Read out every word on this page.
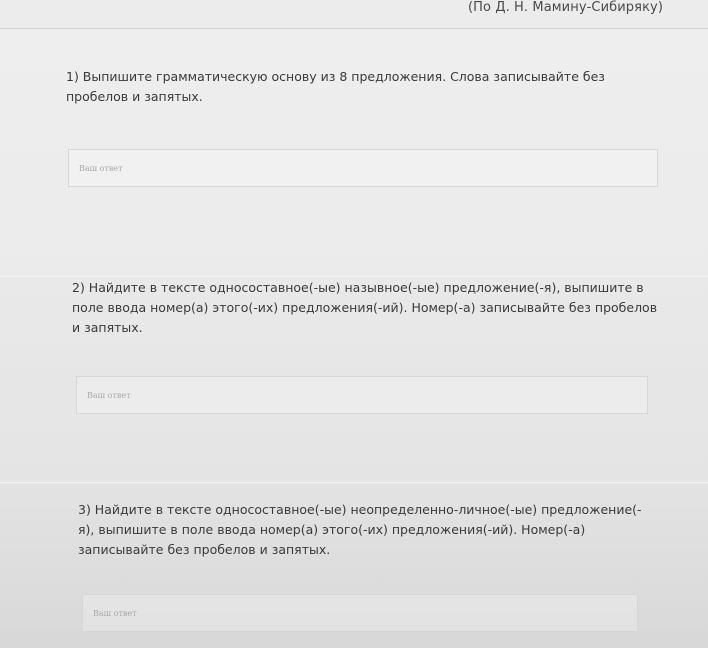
(По Д. Н. Мамину-Сибиряку)

1) Выпишите грамматическую основу из 8 предложения. Слова записывайте без пробелов и запятых.

Ваш ответ

2) Найдите в тексте односоставное(-ые) назывное(-ые) предложение(-я), выпишите в поле ввода номер(а) этого(-их) предложения(-ий). Номер(-а) записывайте без пробелов и запятых.

Ваш ответ

3) Найдите в тексте односоставное(-ые) неопределенно-личное(-ые) предложение(-я), выпишите в поле ввода номер(а) этого(-их) предложения(-ий). Номер(-а) записывайте без пробелов и запятых.

Ваш ответ
